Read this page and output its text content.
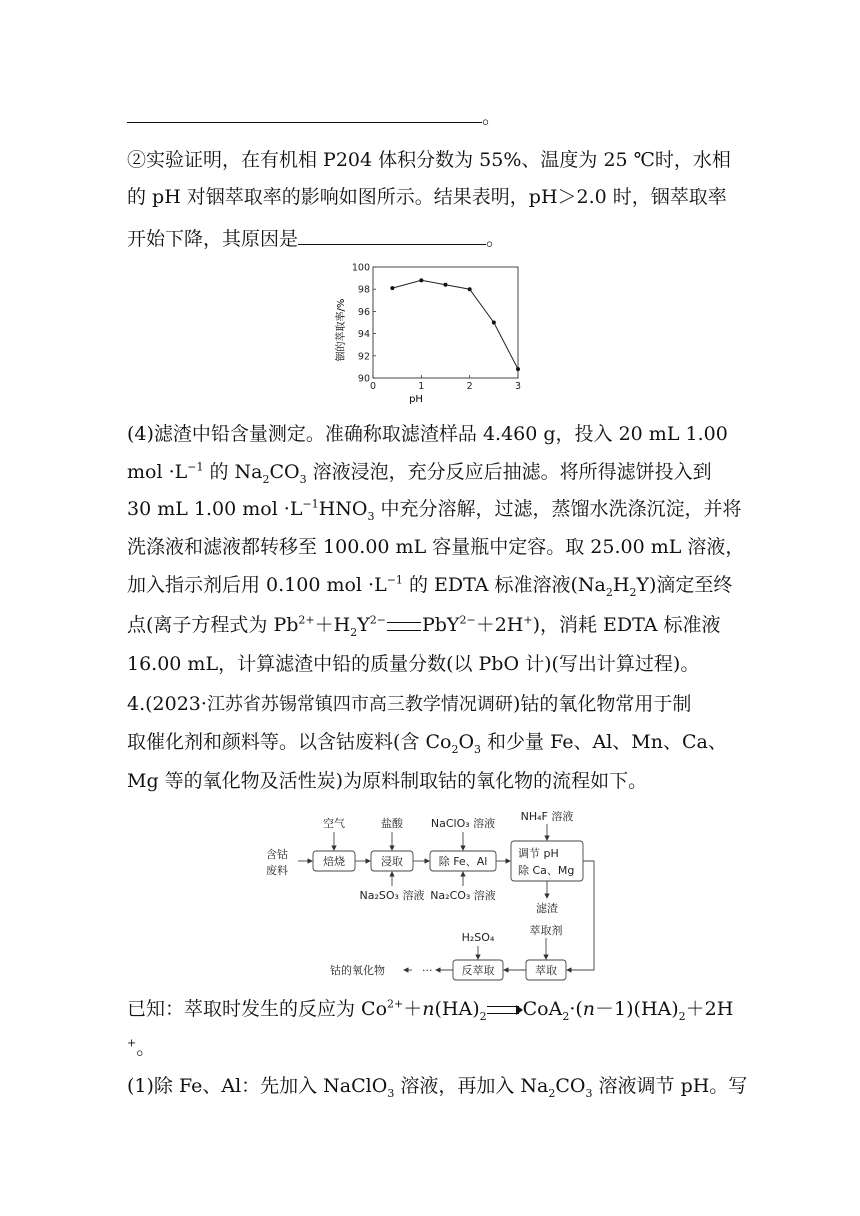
。
②实验证明，在有机相 P204 体积分数为 55%、温度为 25 ℃时，水相
的 pH 对铟萃取率的影响如图所示。结果表明，pH＞2.0 时，铟萃取率
开始下降，其原因是	。
90
92
94
96
98
100
0	1	2	3
铟的萃取率/%
pH
(4)滤渣中铅含量测定。准确称取滤渣样品 4.460 g，投入 20 mL 1.00
mol $\cdot L^{-1}$ 的 $Na_2CO_3$ 溶液浸泡，充分反应后抽滤。将所得滤饼投入到
30 mL 1.00 mol $\cdot L^{-1}HNO_3$ 中充分溶解，过滤，蒸馏水洗涤沉淀，并将
洗涤液和滤液都转移至 100.00 mL 容量瓶中定容。取 25.00 mL 溶液，
加入指示剂后用 0.100 mol $\cdot L^{-1}$ 的 EDTA 标准溶液$(Na_2H_2Y)$滴定至终
点(离子方程式为 $Pb^{2+}+H_2Y^{2-}$ PbY$^{2-}$＋2H+)，消耗 EDTA 标准液
16.00 mL，计算滤渣中铅的质量分数(以 PbO 计)(写出计算过程)。
4.(2023·江苏省苏锡常镇四市高三教学情况调研)钴的氧化物常用于制
取催化剂和颜料等。以含钴废料(含 $Co_2O_3$ 和少量 Fe、Al、Mn、Ca、
Mg 等的氧化物及活性炭)为原料制取钴的氧化物的流程如下。
含钴
废料
空气	盐酸	NaClO₃ 溶液
NH₄F 溶液
焙烧	浸取	除 Fe、Al
调节 pH
除 Ca、Mg
Na₂SO₃ 溶液 Na₂CO₃ 溶液
滤渣
H₂SO₄
萃取剂
钴的氧化物	···	反萃取	萃取
已知：萃取时发生的反应为 $Co^{2+}+n(HA)_2$ $CoA_2\cdot(n-1)(HA)_2+2H$
+。
(1)除 Fe、Al：先加入 NaClO$_3$ 溶液，再加入 $Na_2CO_3$ 溶液调节 pH。写
